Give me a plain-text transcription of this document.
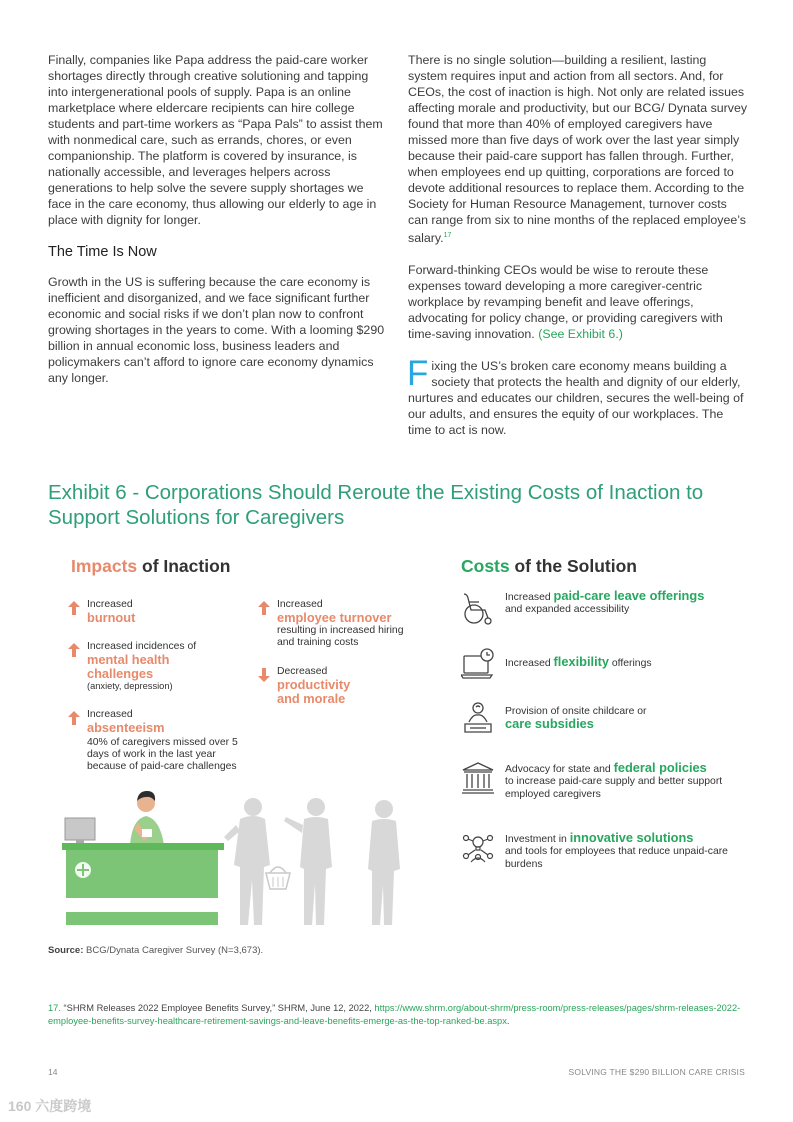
Finally, companies like Papa address the paid-care worker shortages directly through creative solutioning and tapping into intergenerational pools of supply. Papa is an online marketplace where eldercare recipients can hire college students and part-time workers as “Papa Pals” to assist them with nonmedical care, such as errands, chores, or even companionship. The platform is covered by insurance, is nationally accessible, and leverages helpers across generations to help solve the severe supply shortages we face in the care economy, thus allowing our elderly to age in place with dignity for longer.

The Time Is Now

Growth in the US is suffering because the care economy is inefficient and disorganized, and we face significant further economic and social risks if we don’t plan now to confront growing shortages in the years to come. With a looming $290 billion in annual economic loss, business leaders and policymakers can’t afford to ignore care economy dynamics any longer.

There is no single solution—building a resilient, lasting system requires input and action from all sectors. And, for CEOs, the cost of inaction is high. Not only are related issues affecting morale and productivity, but our BCG/ Dynata survey found that more than 40% of employed caregivers have missed more than five days of work over the last year simply because their paid-care support has fallen through. Further, when employees end up quitting, corporations are forced to devote additional resources to replace them. According to the Society for Human Resource Management, turnover costs can range from six to nine months of the replaced employee’s salary.$^{17}$

Forward-thinking CEOs would be wise to reroute these expenses toward developing a more caregiver-centric workplace by revamping benefit and leave offerings, advocating for policy change, or providing caregivers with time-saving innovation. (See Exhibit 6.)

Fixing the US’s broken care economy means building a society that protects the health and dignity of our elderly, nurtures and educates our children, secures the well-being of our adults, and ensures the equity of our workplaces. The time to act is now.

Exhibit 6 - Corporations Should Reroute the Existing Costs of Inaction to Support Solutions for Caregivers
Impacts of Inaction	Costs of the Solution
Increased
burnout
Increased incidences of
mental health challenges
(anxiety, depression)
Increased
absenteeism
40% of caregivers missed over 5 days of work in the last year because of paid-care challenges
Increased
employee turnover
resulting in increased hiring and training costs
Decreased
productivity and morale
Increased paid-care leave offerings
and expanded accessibility
Increased flexibility offerings
Provision of onsite childcare or
care subsidies
Advocacy for state and federal policies
to increase paid-care supply and better support employed caregivers
Investment in innovative solutions
and tools for employees that reduce unpaid-care burdens
Source: BCG/Dynata Caregiver Survey (N=3,673).
17. “SHRM Releases 2022 Employee Benefits Survey,” SHRM, June 12, 2022, https://www.shrm.org/about-shrm/press-room/press-releases/pages/shrm-releases-2022-employee-benefits-survey-healthcare-retirement-savings-and-leave-benefits-emerge-as-the-top-ranked-be.aspx.
14	SOLVING THE $290 BILLION CARE CRISIS
160 六度跨境
